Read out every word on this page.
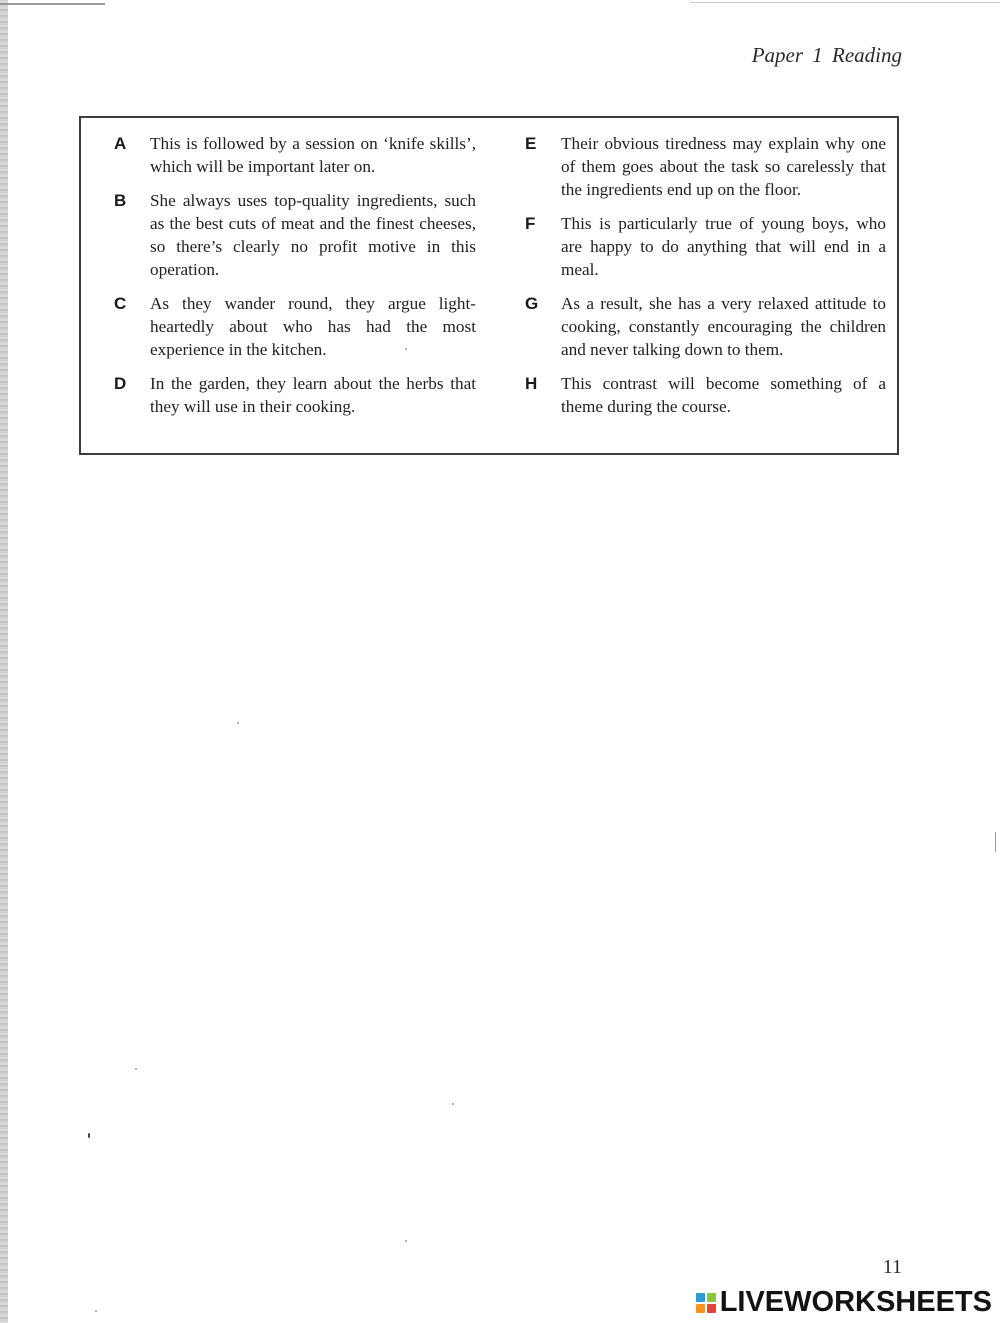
Paper 1 Reading
A This is followed by a session on ‘knife skills’, which will be important later on.
B She always uses top-quality ingredients, such as the best cuts of meat and the finest cheeses, so there’s clearly no profit motive in this operation.
C As they wander round, they argue light-heartedly about who has had the most experience in the kitchen.
D In the garden, they learn about the herbs that they will use in their cooking.
E Their obvious tiredness may explain why one of them goes about the task so carelessly that the ingredients end up on the floor.
F This is particularly true of young boys, who are happy to do anything that will end in a meal.
G As a result, she has a very relaxed attitude to cooking, constantly encouraging the children and never talking down to them.
H This contrast will become something of a theme during the course.
11
LIVEWORKSHEETS
